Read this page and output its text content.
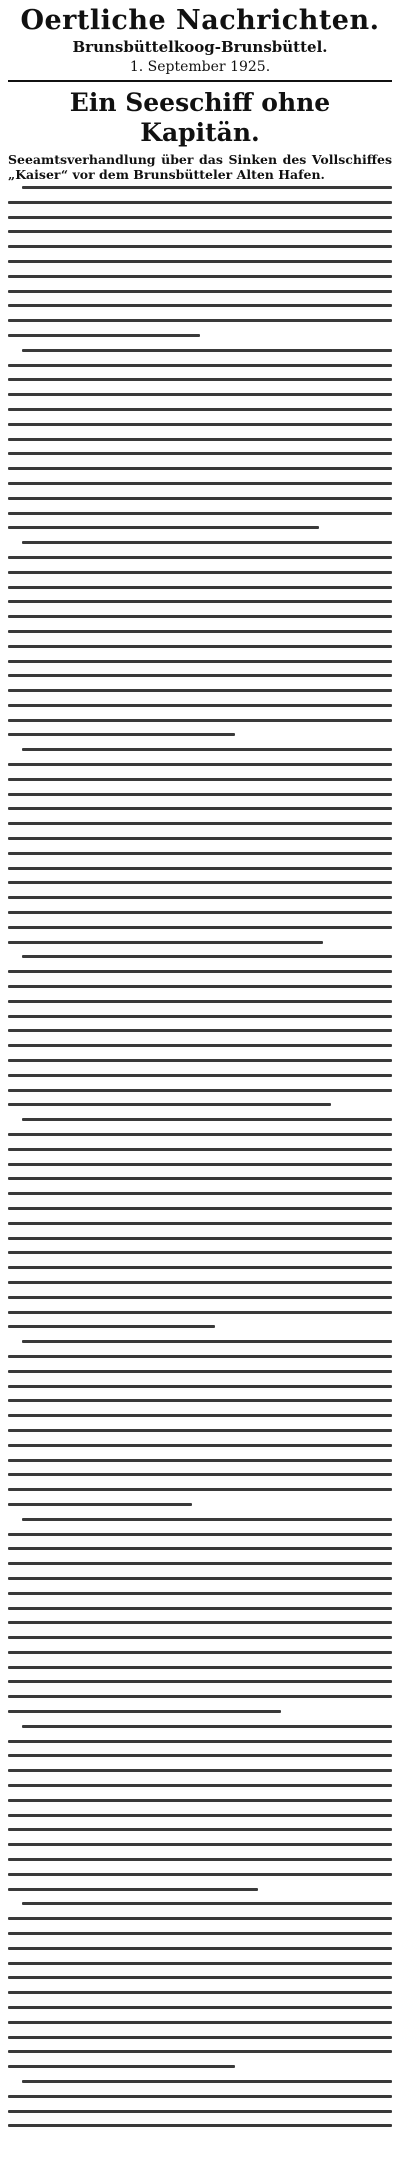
Oertliche Nachrichten.
Brunsbüttelkoog-Brunsbüttel.
1. September 1925.
Ein Seeschiff ohne Kapitän.
Seeamtsverhandlung über das Sinken des Vollschiffes „Kaiser“ vor dem Brunsbütteler Alten Hafen.
